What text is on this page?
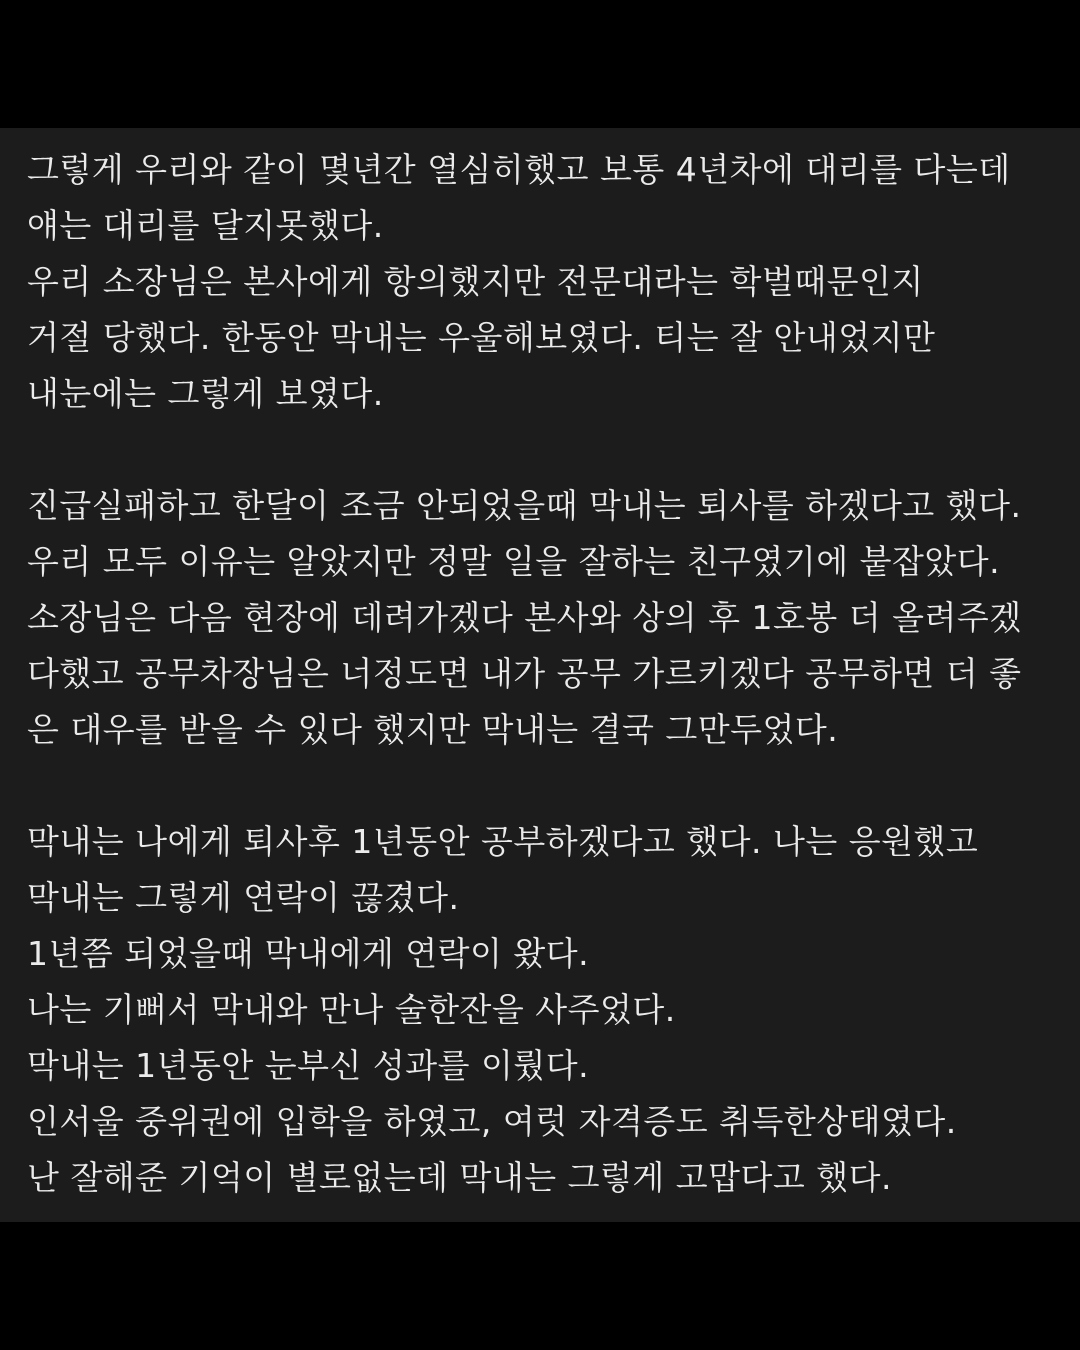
그렇게 우리와 같이 몇년간 열심히했고 보통 4년차에 대리를 다는데
얘는 대리를 달지못했다.
우리 소장님은 본사에게 항의했지만 전문대라는 학벌때문인지
거절 당했다. 한동안 막내는 우울해보였다. 티는 잘 안내었지만
내눈에는 그렇게 보였다.
진급실패하고 한달이 조금 안되었을때 막내는 퇴사를 하겠다고 했다.
우리 모두 이유는 알았지만 정말 일을 잘하는 친구였기에 붙잡았다.
소장님은 다음 현장에 데려가겠다 본사와 상의 후 1호봉 더 올려주겠
다했고 공무차장님은 너정도면 내가 공무 가르키겠다 공무하면 더 좋
은 대우를 받을 수 있다 했지만 막내는 결국 그만두었다.
막내는 나에게 퇴사후 1년동안 공부하겠다고 했다. 나는 응원했고
막내는 그렇게 연락이 끊겼다.
1년쯤 되었을때 막내에게 연락이 왔다.
나는 기뻐서 막내와 만나 술한잔을 사주었다.
막내는 1년동안 눈부신 성과를 이뤘다.
인서울 중위권에 입학을 하였고, 여럿 자격증도 취득한상태였다.
난 잘해준 기억이 별로없는데 막내는 그렇게 고맙다고 했다.
